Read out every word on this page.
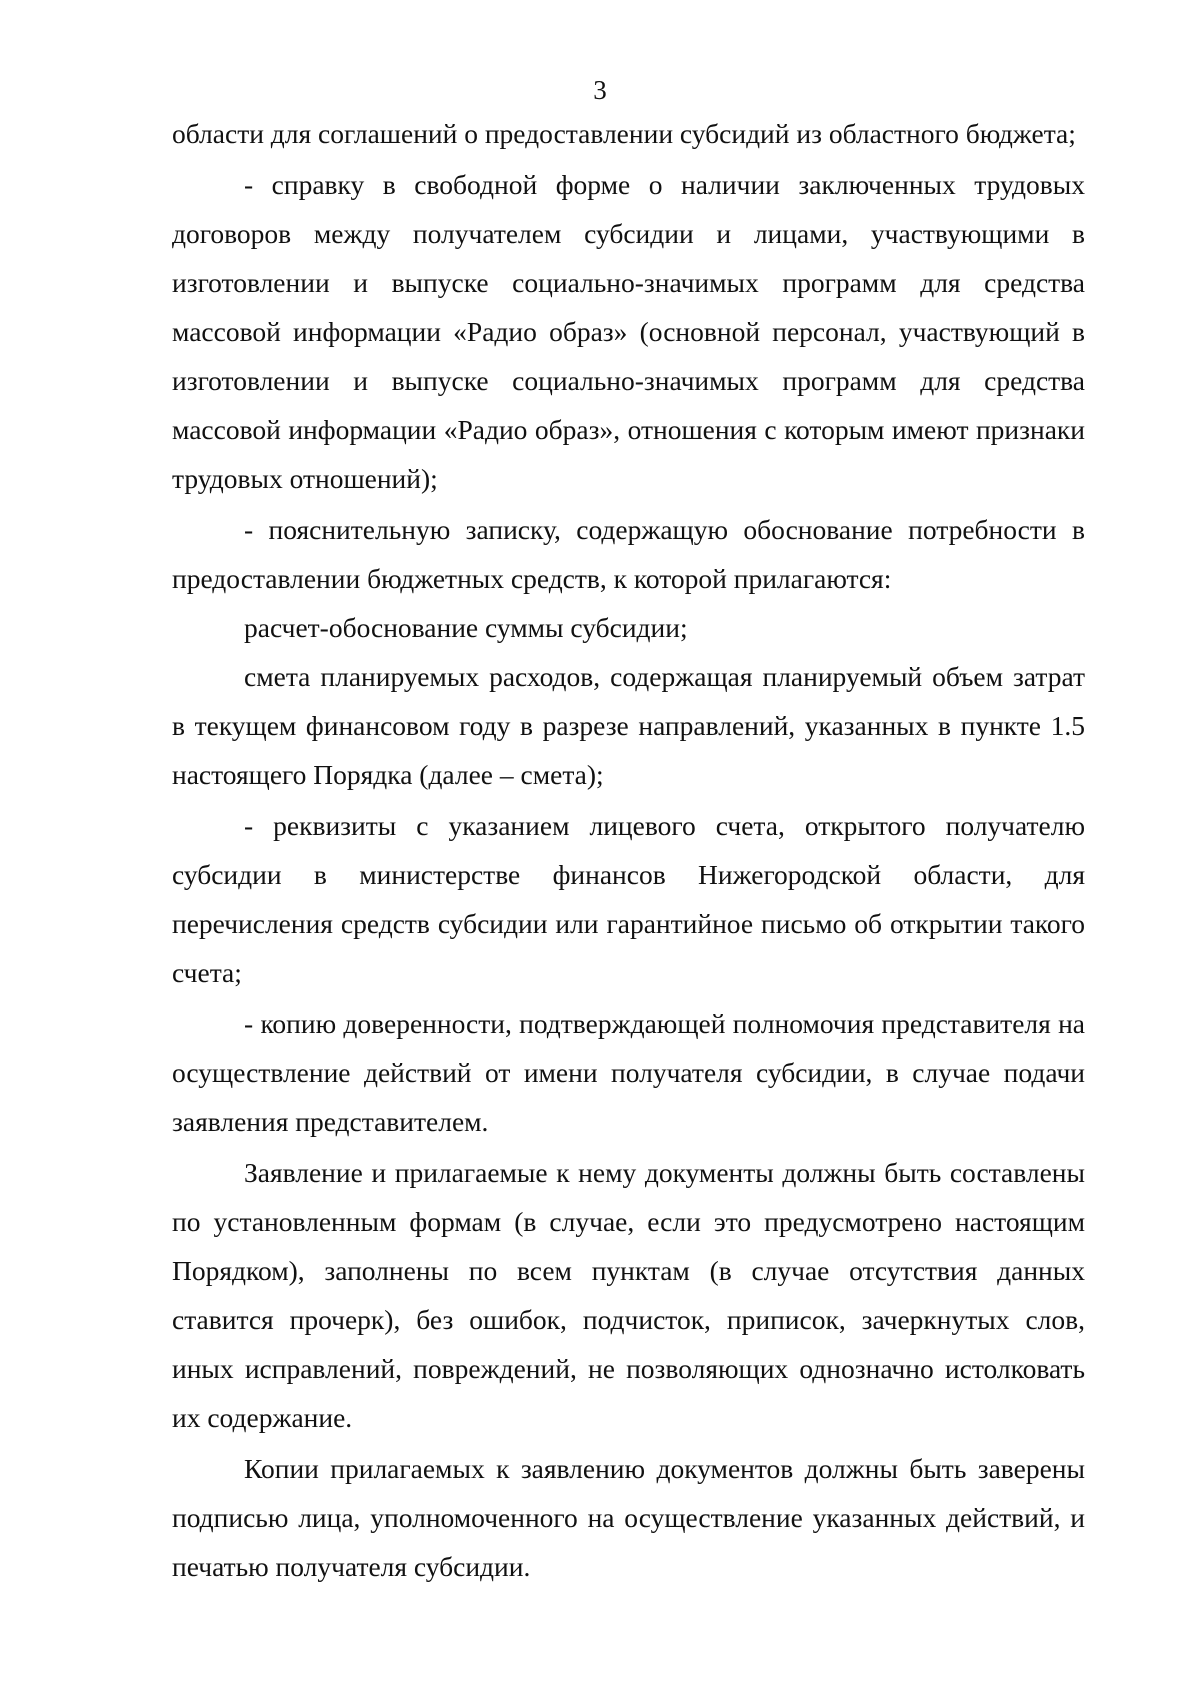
3

области для соглашений о предоставлении субсидий из областного бюджета;

- справку в свободной форме о наличии заключенных трудовых договоров между получателем субсидии и лицами, участвующими в изготовлении и выпуске социально-значимых программ для средства массовой информации «Радио образ» (основной персонал, участвующий в изготовлении и выпуске социально-значимых программ для средства массовой информации «Радио образ», отношения с которым имеют признаки трудовых отношений);

- пояснительную записку, содержащую обоснование потребности в предоставлении бюджетных средств, к которой прилагаются:

расчет-обоснование суммы субсидии;

смета планируемых расходов, содержащая планируемый объем затрат в текущем финансовом году в разрезе направлений, указанных в пункте 1.5 настоящего Порядка (далее – смета);

- реквизиты с указанием лицевого счета, открытого получателю субсидии в министерстве финансов Нижегородской области, для перечисления средств субсидии или гарантийное письмо об открытии такого счета;

- копию доверенности, подтверждающей полномочия представителя на осуществление действий от имени получателя субсидии, в случае подачи заявления представителем.

Заявление и прилагаемые к нему документы должны быть составлены по установленным формам (в случае, если это предусмотрено настоящим Порядком), заполнены по всем пунктам (в случае отсутствия данных ставится прочерк), без ошибок, подчисток, приписок, зачеркнутых слов, иных исправлений, повреждений, не позволяющих однозначно истолковать их содержание.

Копии прилагаемых к заявлению документов должны быть заверены подписью лица, уполномоченного на осуществление указанных действий, и печатью получателя субсидии.
